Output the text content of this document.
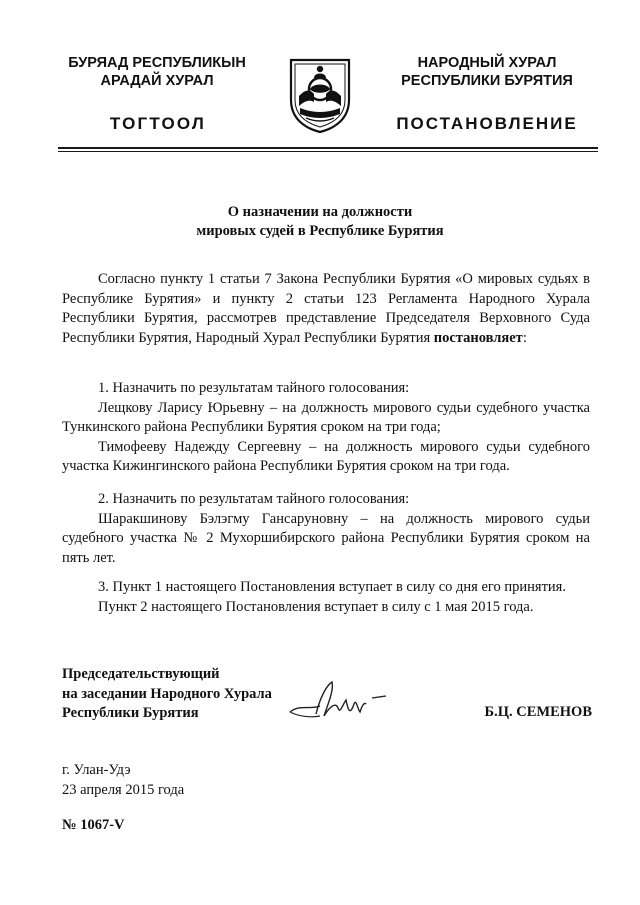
БУРЯАД РЕСПУБЛИКЫН
АРАДАЙ ХУРАЛ
НАРОДНЫЙ ХУРАЛ
РЕСПУБЛИКИ БУРЯТИЯ
ТОГТООЛ	ПОСТАНОВЛЕНИЕ
О назначении на должности
мировых судей в Республике Бурятия

Согласно пункту 1 статьи 7 Закона Республики Бурятия «О мировых судьях в Республике Бурятия» и пункту 2 статьи 123 Регламента Народного Хурала Республики Бурятия, рассмотрев представление Председателя Верховного Суда Республики Бурятия, Народный Хурал Республики Бурятия постановляет:

1. Назначить по результатам тайного голосования:

Лещкову Ларису Юрьевну – на должность мирового судьи судебного участка Тункинского района Республики Бурятия сроком на три года;

Тимофееву Надежду Сергеевну – на должность мирового судьи судебного участка Кижингинского района Республики Бурятия сроком на три года.

2. Назначить по результатам тайного голосования:

Шаракшинову Бэлэгму Гансаруновну – на должность мирового судьи судебного участка № 2 Мухоршибирского района Республики Бурятия сроком на пять лет.

3. Пункт 1 настоящего Постановления вступает в силу со дня его принятия.

Пункт 2 настоящего Постановления вступает в силу с 1 мая 2015 года.

Председательствующий
на заседании Народного Хурала
Республики Бурятия	Б.Ц. СЕМЕНОВ
г. Улан-Удэ
23 апреля 2015 года
№ 1067-V
